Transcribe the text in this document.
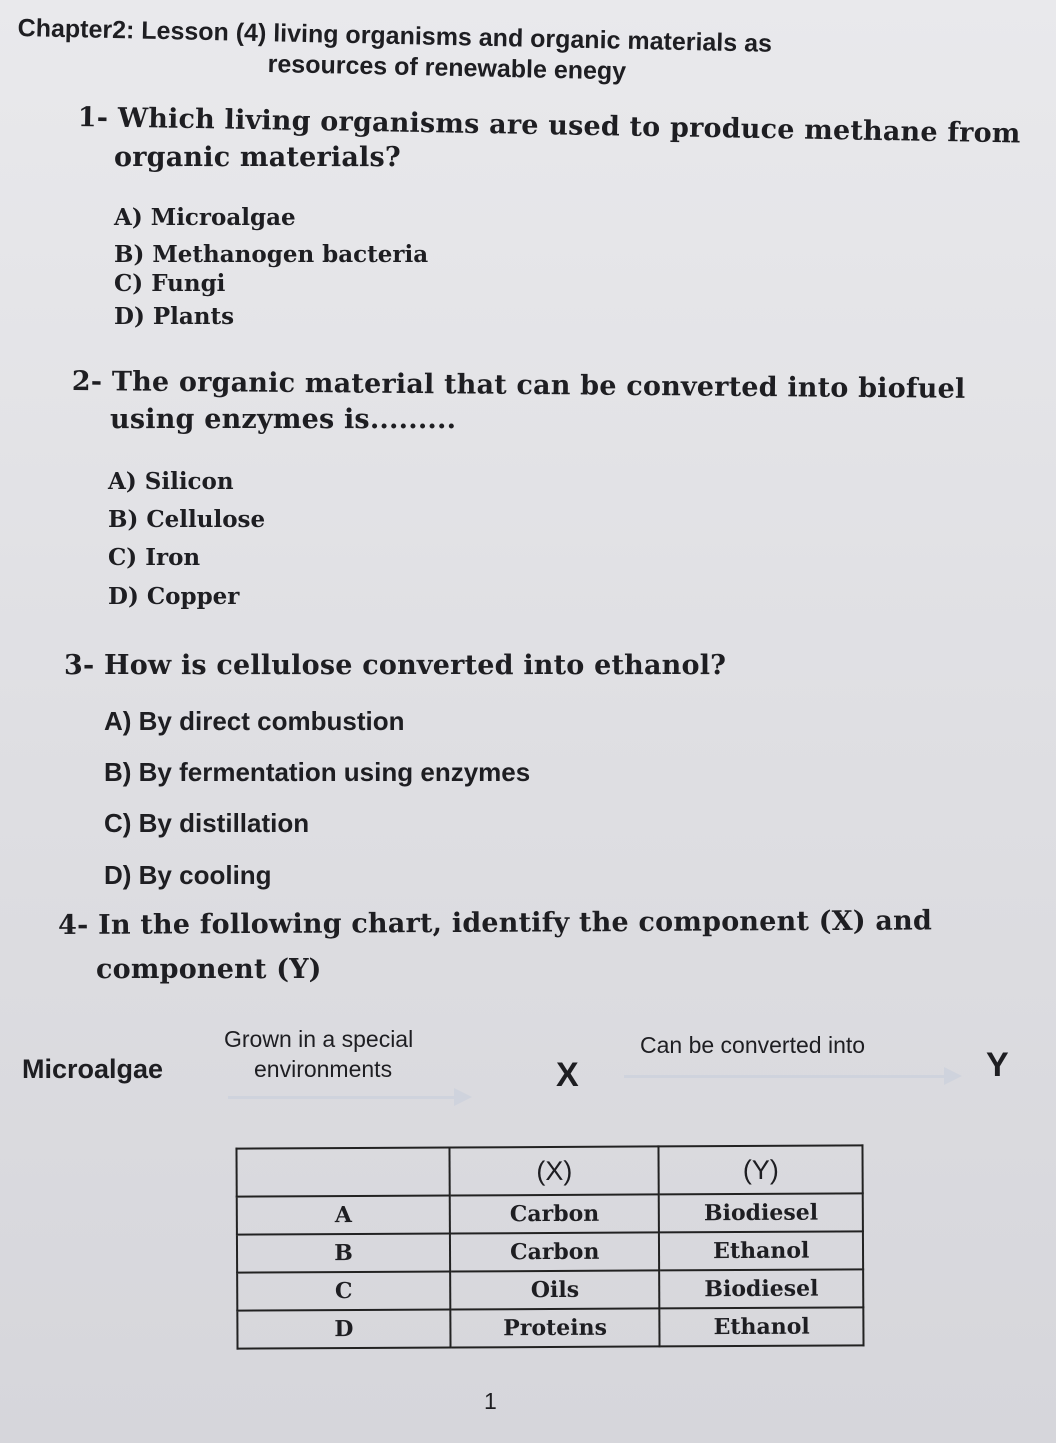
Chapter2: Lesson (4) living organisms and organic materials as
resources of renewable enegy
1- Which living organisms are used to produce methane from
organic materials?
A) Microalgae
B) Methanogen bacteria
C) Fungi
D) Plants
2- The organic material that can be converted into biofuel
using enzymes is.........
A) Silicon
B) Cellulose
C) Iron
D) Copper
3- How is cellulose converted into ethanol?
A) By direct combustion
B) By fermentation using enzymes
C) By distillation
D) By cooling
4- In the following chart, identify the component (X) and
component (Y)
Microalgae
Grown in a special
environments	X
Can be converted into
Y
	(X)	(Y)
A	Carbon	Biodiesel
B	Carbon	Ethanol
C	Oils	Biodiesel
D	Proteins	Ethanol
1
